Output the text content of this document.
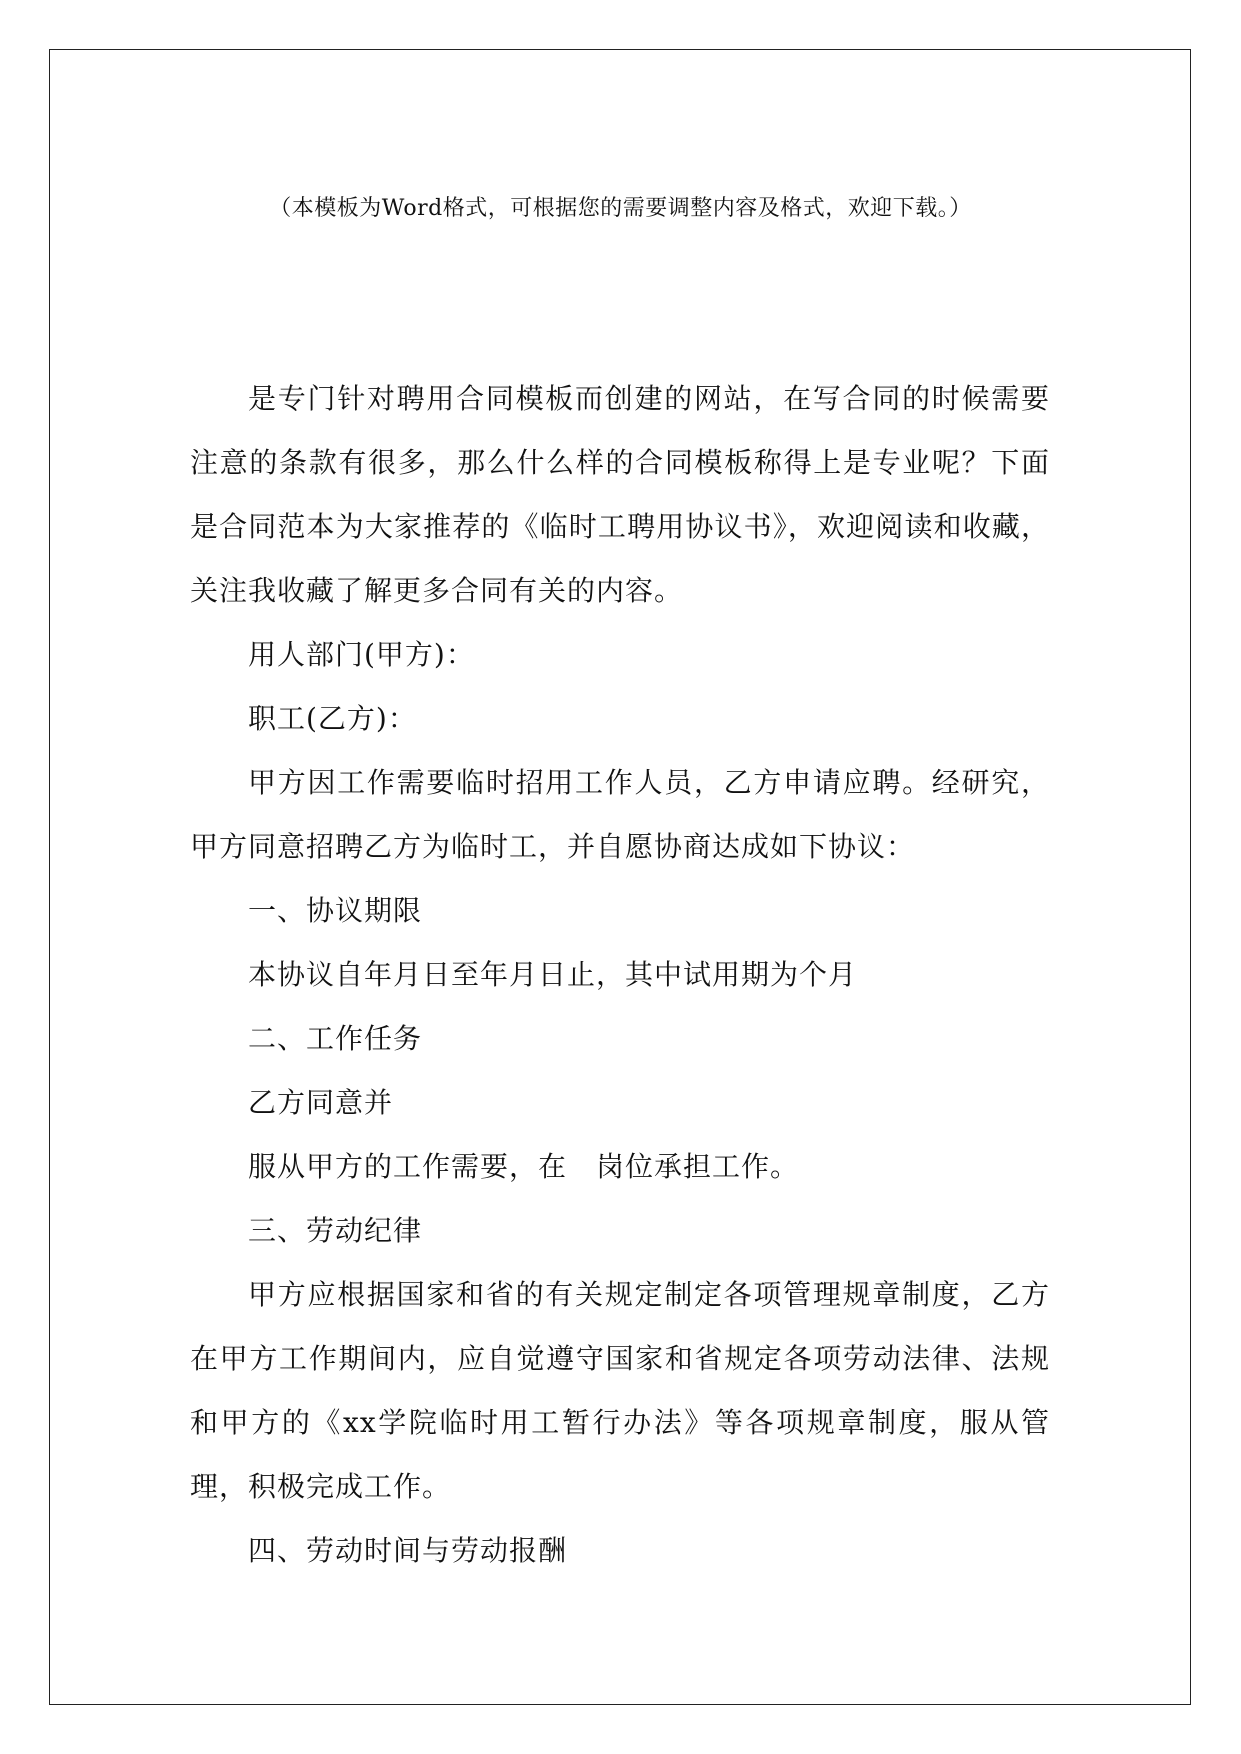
（本模板为Word格式，可根据您的需要调整内容及格式，欢迎下载。）

是专门针对聘用合同模板而创建的网站，在写合同的时候需要注意的条款有很多，那么什么样的合同模板称得上是专业呢？下面是合同范本为大家推荐的《临时工聘用协议书》，欢迎阅读和收藏，关注我收藏了解更多合同有关的内容。

用人部门(甲方)：

职工(乙方)：

甲方因工作需要临时招用工作人员，乙方申请应聘。经研究，甲方同意招聘乙方为临时工，并自愿协商达成如下协议：

一、协议期限

本协议自年月日至年月日止，其中试用期为个月

二、工作任务

乙方同意并

服从甲方的工作需要，在　岗位承担工作。

三、劳动纪律

甲方应根据国家和省的有关规定制定各项管理规章制度，乙方在甲方工作期间内，应自觉遵守国家和省规定各项劳动法律、法规和甲方的《xx学院临时用工暂行办法》等各项规章制度，服从管理，积极完成工作。

四、劳动时间与劳动报酬
